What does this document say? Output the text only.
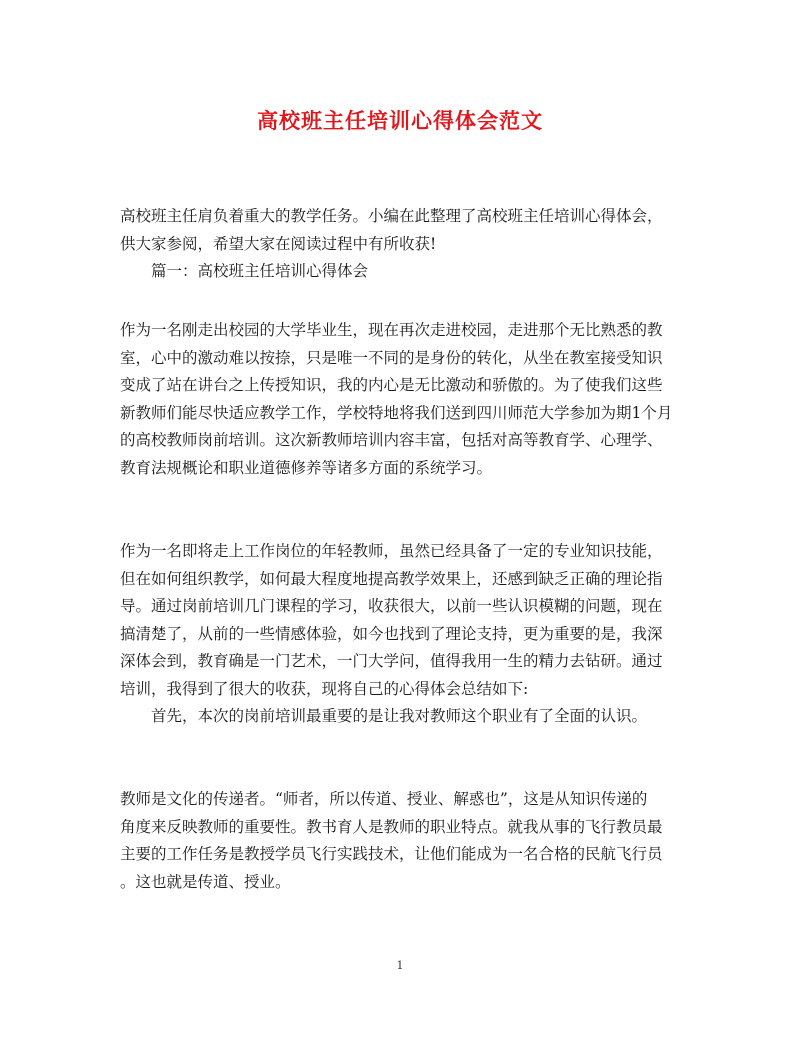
高校班主任培训心得体会范文
高校班主任肩负着重大的教学任务。小编在此整理了高校班主任培训心得体会，
供大家参阅，希望大家在阅读过程中有所收获!
篇一：高校班主任培训心得体会
作为一名刚走出校园的大学毕业生，现在再次走进校园，走进那个无比熟悉的教
室，心中的激动难以按捺，只是唯一不同的是身份的转化，从坐在教室接受知识
变成了站在讲台之上传授知识，我的内心是无比激动和骄傲的。为了使我们这些
新教师们能尽快适应教学工作，学校特地将我们送到四川师范大学参加为期1个月
的高校教师岗前培训。这次新教师培训内容丰富，包括对高等教育学、心理学、
教育法规概论和职业道德修养等诸多方面的系统学习。
作为一名即将走上工作岗位的年轻教师，虽然已经具备了一定的专业知识技能，
但在如何组织教学，如何最大程度地提高教学效果上，还感到缺乏正确的理论指
导。通过岗前培训几门课程的学习，收获很大，以前一些认识模糊的问题，现在
搞清楚了，从前的一些情感体验，如今也找到了理论支持，更为重要的是，我深
深体会到，教育确是一门艺术，一门大学问，值得我用一生的精力去钻研。通过
培训，我得到了很大的收获，现将自己的心得体会总结如下:
首先，本次的岗前培训最重要的是让我对教师这个职业有了全面的认识。
教师是文化的传递者。“师者，所以传道、授业、解惑也”，这是从知识传递的
角度来反映教师的重要性。教书育人是教师的职业特点。就我从事的飞行教员最
主要的工作任务是教授学员飞行实践技术，让他们能成为一名合格的民航飞行员
。这也就是传道、授业。
1
